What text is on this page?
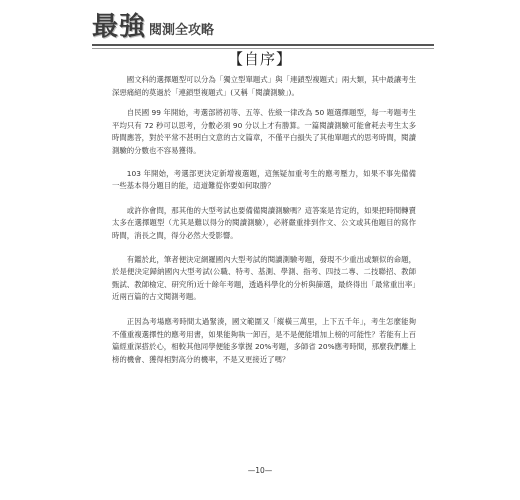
最強 閱測全攻略
【自序】

國文科的選擇題型可以分為「獨立型單題式」與「連鎖型複題式」兩大類，其中最讓考生深惡痛絕的莫過於「連鎖型複題式」(又稱「閱讀測驗」)。

自民國 99 年開始，考選部將初等、五等、佐級一律改為 50 題選擇題型，每一考題考生平均只有 72 秒可以思考，分數必須 90 分以上才有勝算。一篇閱讀測驗可能會耗去考生太多時間應答，對於平常不甚明白文意的古文篇章，不僅平白損失了其他單題式的思考時間，閱讀測驗的分數也不容易獲得。

103 年開始，考選部更決定新增複選題，這無疑加重考生的應考壓力，如果不事先備備一些基本得分題目的能，這道難從你要如何取勝？

或許你會問，那其他的大型考試也要備備閱讀測驗嗎？這答案是肯定的，如果把時間轉賣太多在選擇題型（尤其是難以得分的閱讀測驗），必將嚴重排到作文、公文或其他題目的寫作時間，消長之間，得分必然大受影響。

有鑑於此，筆者便決定網羅國內大型考試的閱讀測驗考題，發現不少重出或類似的命題，於是便決定歸納國內大型考試(公職、特考、基測、學測、指考、四技二專、二技聯招、教師甄試、教師檢定、研究所)近十餘年考題，透過科學化的分析與篩選，最終得出「最常重出率」近兩百篇的古文閱測考題。

正因為考場應考時間太過緊湊，國文範圍又「縱橫三萬里，上下五千年」，考生怎麼能夠不僅重複選擇性的應考用書，如果能夠執一卸百，是不是便能增加上榜的可能性？若能有上百篇經重深搭於心，相較其他同學便能多掌握 20%考題，多師省 20%應考時間，那麼我們離上榜的機會、獲得相對高分的機率，不是又更接近了嗎？

—10—
